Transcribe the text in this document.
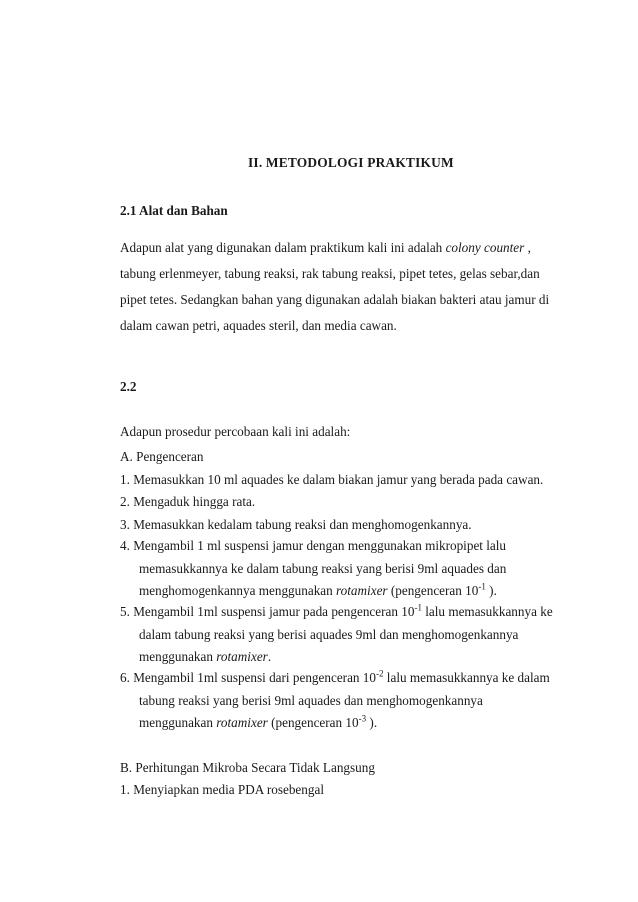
II. METODOLOGI PRAKTIKUM
2.1 Alat dan Bahan
Adapun alat yang digunakan dalam praktikum kali ini adalah colony counter ,
tabung erlenmeyer, tabung reaksi, rak tabung reaksi, pipet tetes, gelas sebar,dan
pipet tetes. Sedangkan bahan yang digunakan adalah biakan bakteri atau jamur di
dalam cawan petri, aquades steril, dan media cawan.
2.2
Adapun prosedur percobaan kali ini adalah:
A. Pengenceran
1. Memasukkan 10 ml aquades ke dalam biakan jamur yang berada pada cawan.
2. Mengaduk hingga rata.
3. Memasukkan kedalam tabung reaksi dan menghomogenkannya.
4. Mengambil 1 ml suspensi jamur dengan menggunakan mikropipet lalu
memasukkannya ke dalam tabung reaksi yang berisi 9ml aquades dan
menghomogenkannya menggunakan rotamixer (pengenceran $10^{-1}$ ).
5. Mengambil 1ml suspensi jamur pada pengenceran $10^{-1}$ lalu memasukkannya ke
dalam tabung reaksi yang berisi aquades 9ml dan menghomogenkannya
menggunakan rotamixer.
6. Mengambil 1ml suspensi dari pengenceran $10^{-2}$ lalu memasukkannya ke dalam
tabung reaksi yang berisi 9ml aquades dan menghomogenkannya
menggunakan rotamixer (pengenceran $10^{-3}$ ).
B. Perhitungan Mikroba Secara Tidak Langsung
1. Menyiapkan media PDA rosebengal
